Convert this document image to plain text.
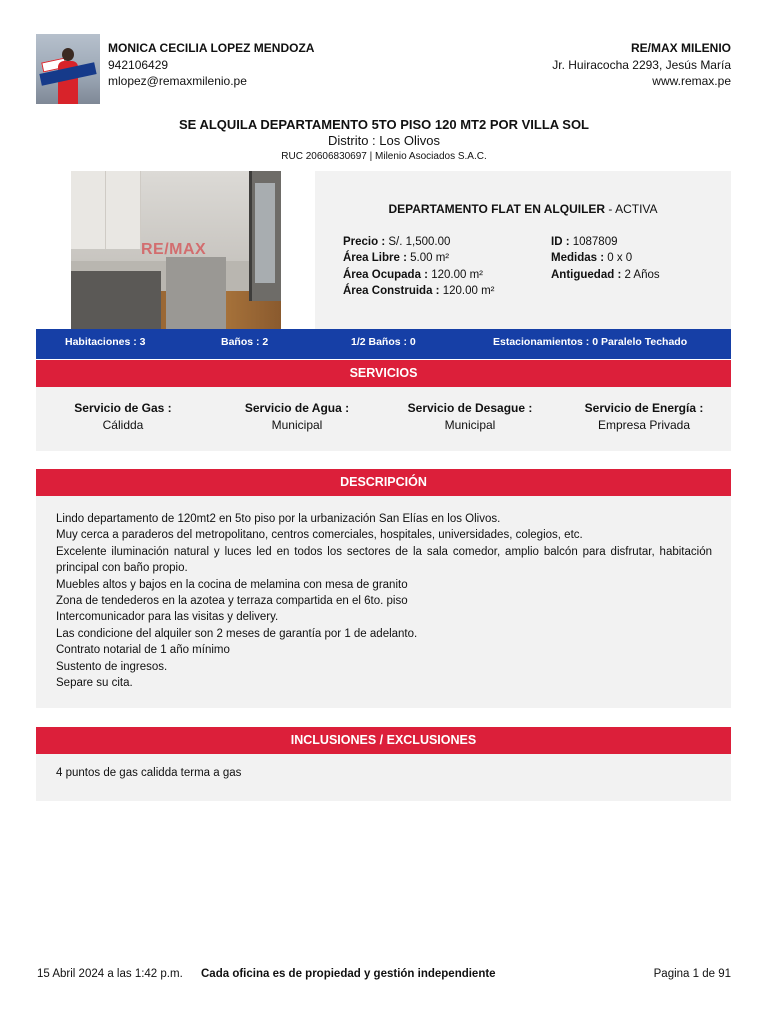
MONICA CECILIA LOPEZ MENDOZA
942106429
mlopez@remaxmilenio.pe
RE/MAX MILENIO
Jr. Huiracocha 2293, Jesús María
www.remax.pe
SE ALQUILA DEPARTAMENTO 5TO PISO 120 MT2 POR VILLA SOL
Distrito : Los Olivos
RUC 20606830697 | Milenio Asociados S.A.C.
RE/MAX
DEPARTAMENTO FLAT EN ALQUILER - ACTIVA
Precio : S/. 1,500.00
Área Libre : 5.00 m²
Área Ocupada : 120.00 m²
Área Construida : 120.00 m²
ID : 1087809
Medidas : 0 x 0
Antiguedad : 2 Años
Habitaciones : 3	Baños : 2	1/2 Baños : 0	Estacionamientos : 0 Paralelo Techado
SERVICIOS
Servicio de Gas :
Cálidda
Servicio de Agua :
Municipal
Servicio de Desague :
Municipal
Servicio de Energía :
Empresa Privada
DESCRIPCIÓN

Lindo departamento de 120mt2 en 5to piso por la urbanización San Elías en los Olivos.

Muy cerca a paraderos del metropolitano, centros comerciales, hospitales, universidades, colegios, etc.

Excelente iluminación natural y luces led en todos los sectores de la sala comedor, amplio balcón para disfrutar, habitación principal con baño propio.

Muebles altos y bajos en la cocina de melamina con mesa de granito

Zona de tendederos en la azotea y terraza compartida en el 6to. piso

Intercomunicador para las visitas y delivery.

Las condicione del alquiler son 2 meses de garantía por 1 de adelanto.

Contrato notarial de 1 año mínimo

Sustento de ingresos.

Separe su cita.

4 puntos de gas calidda terma a gas
INCLUSIONES / EXCLUSIONES
15 Abril 2024 a las 1:42 p.m. Cada oficina es de propiedad y gestión independiente	Pagina 1 de 91
